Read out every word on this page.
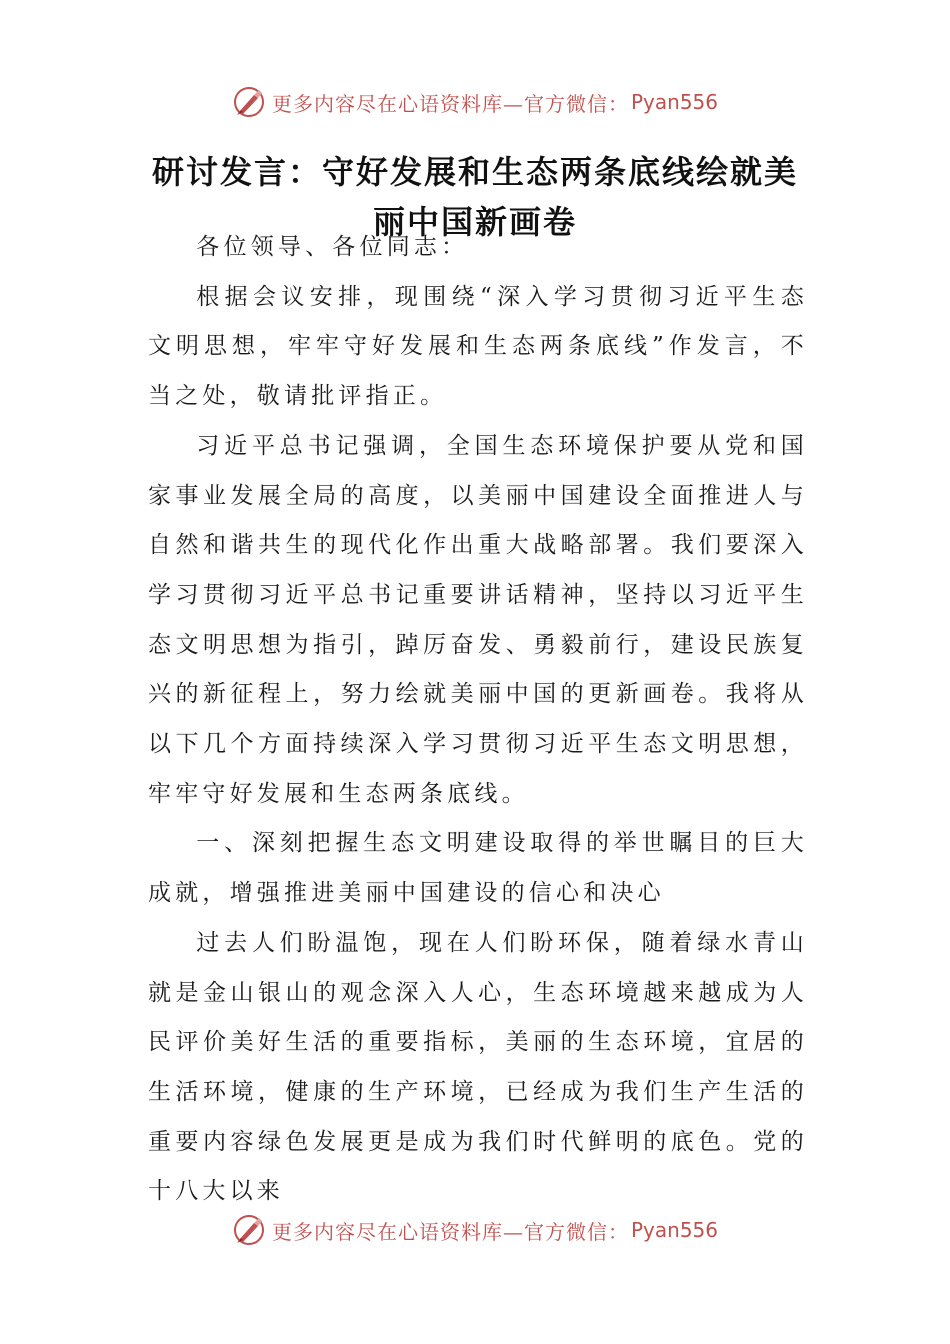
更多内容尽在心语资料库—官方微信： Pyan556
研讨发言：守好发展和生态两条底线绘就美丽中国新画卷

各位领导、各位同志：

根据会议安排，现围绕“深入学习贯彻习近平生态文明思想，牢牢守好发展和生态两条底线”作发言，不当之处，敬请批评指正。

习近平总书记强调，全国生态环境保护要从党和国家事业发展全局的高度，以美丽中国建设全面推进人与自然和谐共生的现代化作出重大战略部署。我们要深入学习贯彻习近平总书记重要讲话精神，坚持以习近平生态文明思想为指引，踔厉奋发、勇毅前行，建设民族复兴的新征程上，努力绘就美丽中国的更新画卷。我将从以下几个方面持续深入学习贯彻习近平生态文明思想，牢牢守好发展和生态两条底线。

一、深刻把握生态文明建设取得的举世瞩目的巨大成就，增强推进美丽中国建设的信心和决心

过去人们盼温饱，现在人们盼环保，随着绿水青山就是金山银山的观念深入人心，生态环境越来越成为人民评价美好生活的重要指标，美丽的生态环境，宜居的生活环境，健康的生产环境，已经成为我们生产生活的重要内容绿色发展更是成为我们时代鲜明的底色。党的十八大以来

更多内容尽在心语资料库—官方微信： Pyan556
